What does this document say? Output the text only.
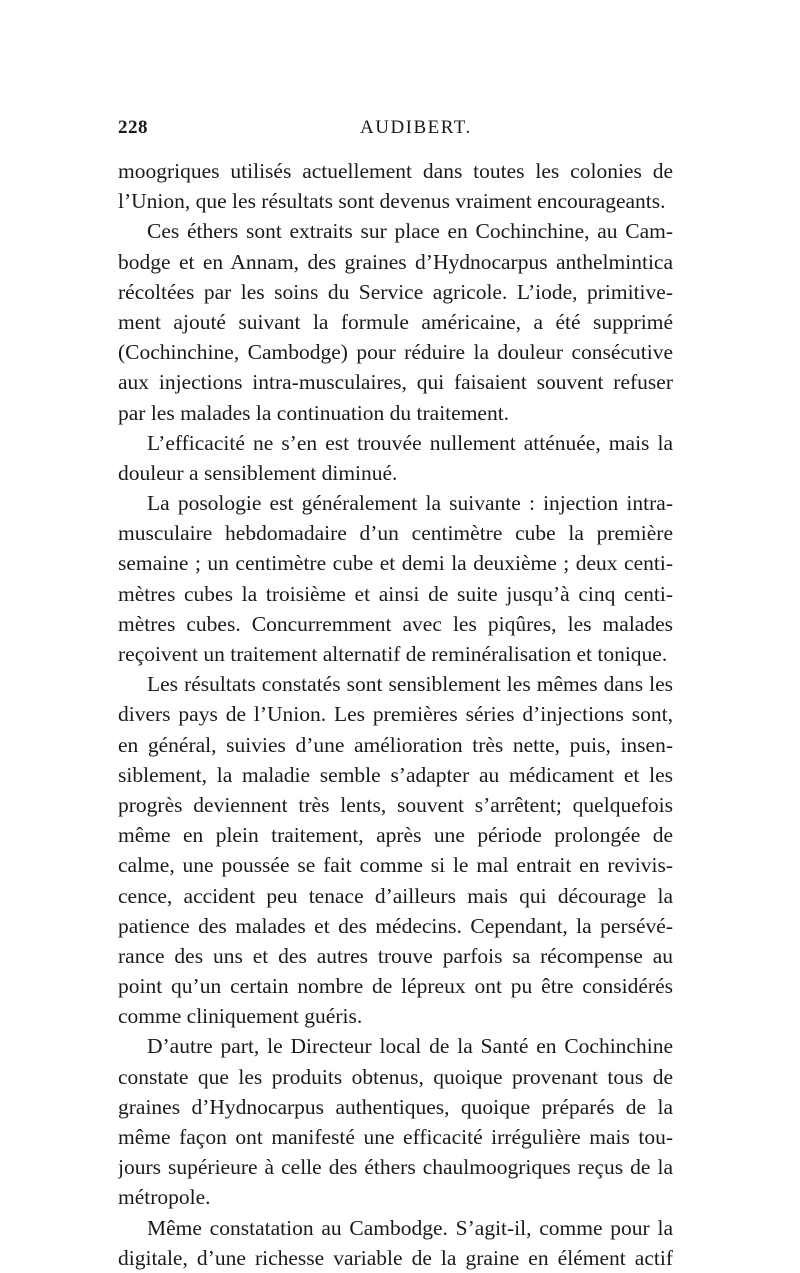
228	AUDIBERT.
moogriques utilisés actuellement dans toutes les colonies de
l’Union, que les résultats sont devenus vraiment encourageants.
Ces éthers sont extraits sur place en Cochinchine, au Cam-
bodge et en Annam, des graines d’Hydnocarpus anthelmintica
récoltées par les soins du Service agricole. L’iode, primitive-
ment ajouté suivant la formule américaine, a été supprimé
(Cochinchine, Cambodge) pour réduire la douleur consécutive
aux injections intra-musculaires, qui faisaient souvent refuser
par les malades la continuation du traitement.
L’efficacité ne s’en est trouvée nullement atténuée, mais la
douleur a sensiblement diminué.
La posologie est généralement la suivante : injection intra-
musculaire hebdomadaire d’un centimètre cube la première
semaine ; un centimètre cube et demi la deuxième ; deux centi-
mètres cubes la troisième et ainsi de suite jusqu’à cinq centi-
mètres cubes. Concurremment avec les piqûres, les malades
reçoivent un traitement alternatif de reminéralisation et tonique.
Les résultats constatés sont sensiblement les mêmes dans les
divers pays de l’Union. Les premières séries d’injections sont,
en général, suivies d’une amélioration très nette, puis, insen-
siblement, la maladie semble s’adapter au médicament et les
progrès deviennent très lents, souvent s’arrêtent; quelquefois
même en plein traitement, après une période prolongée de
calme, une poussée se fait comme si le mal entrait en revivis-
cence, accident peu tenace d’ailleurs mais qui décourage la
patience des malades et des médecins. Cependant, la persévé-
rance des uns et des autres trouve parfois sa récompense au
point qu’un certain nombre de lépreux ont pu être considérés
comme cliniquement guéris.
D’autre part, le Directeur local de la Santé en Cochinchine
constate que les produits obtenus, quoique provenant tous de
graines d’Hydnocarpus authentiques, quoique préparés de la
même façon ont manifesté une efficacité irrégulière mais tou-
jours supérieure à celle des éthers chaulmoogriques reçus de la
métropole.
Même constatation au Cambodge. S’agit-il, comme pour la
digitale, d’une richesse variable de la graine en élément actif
